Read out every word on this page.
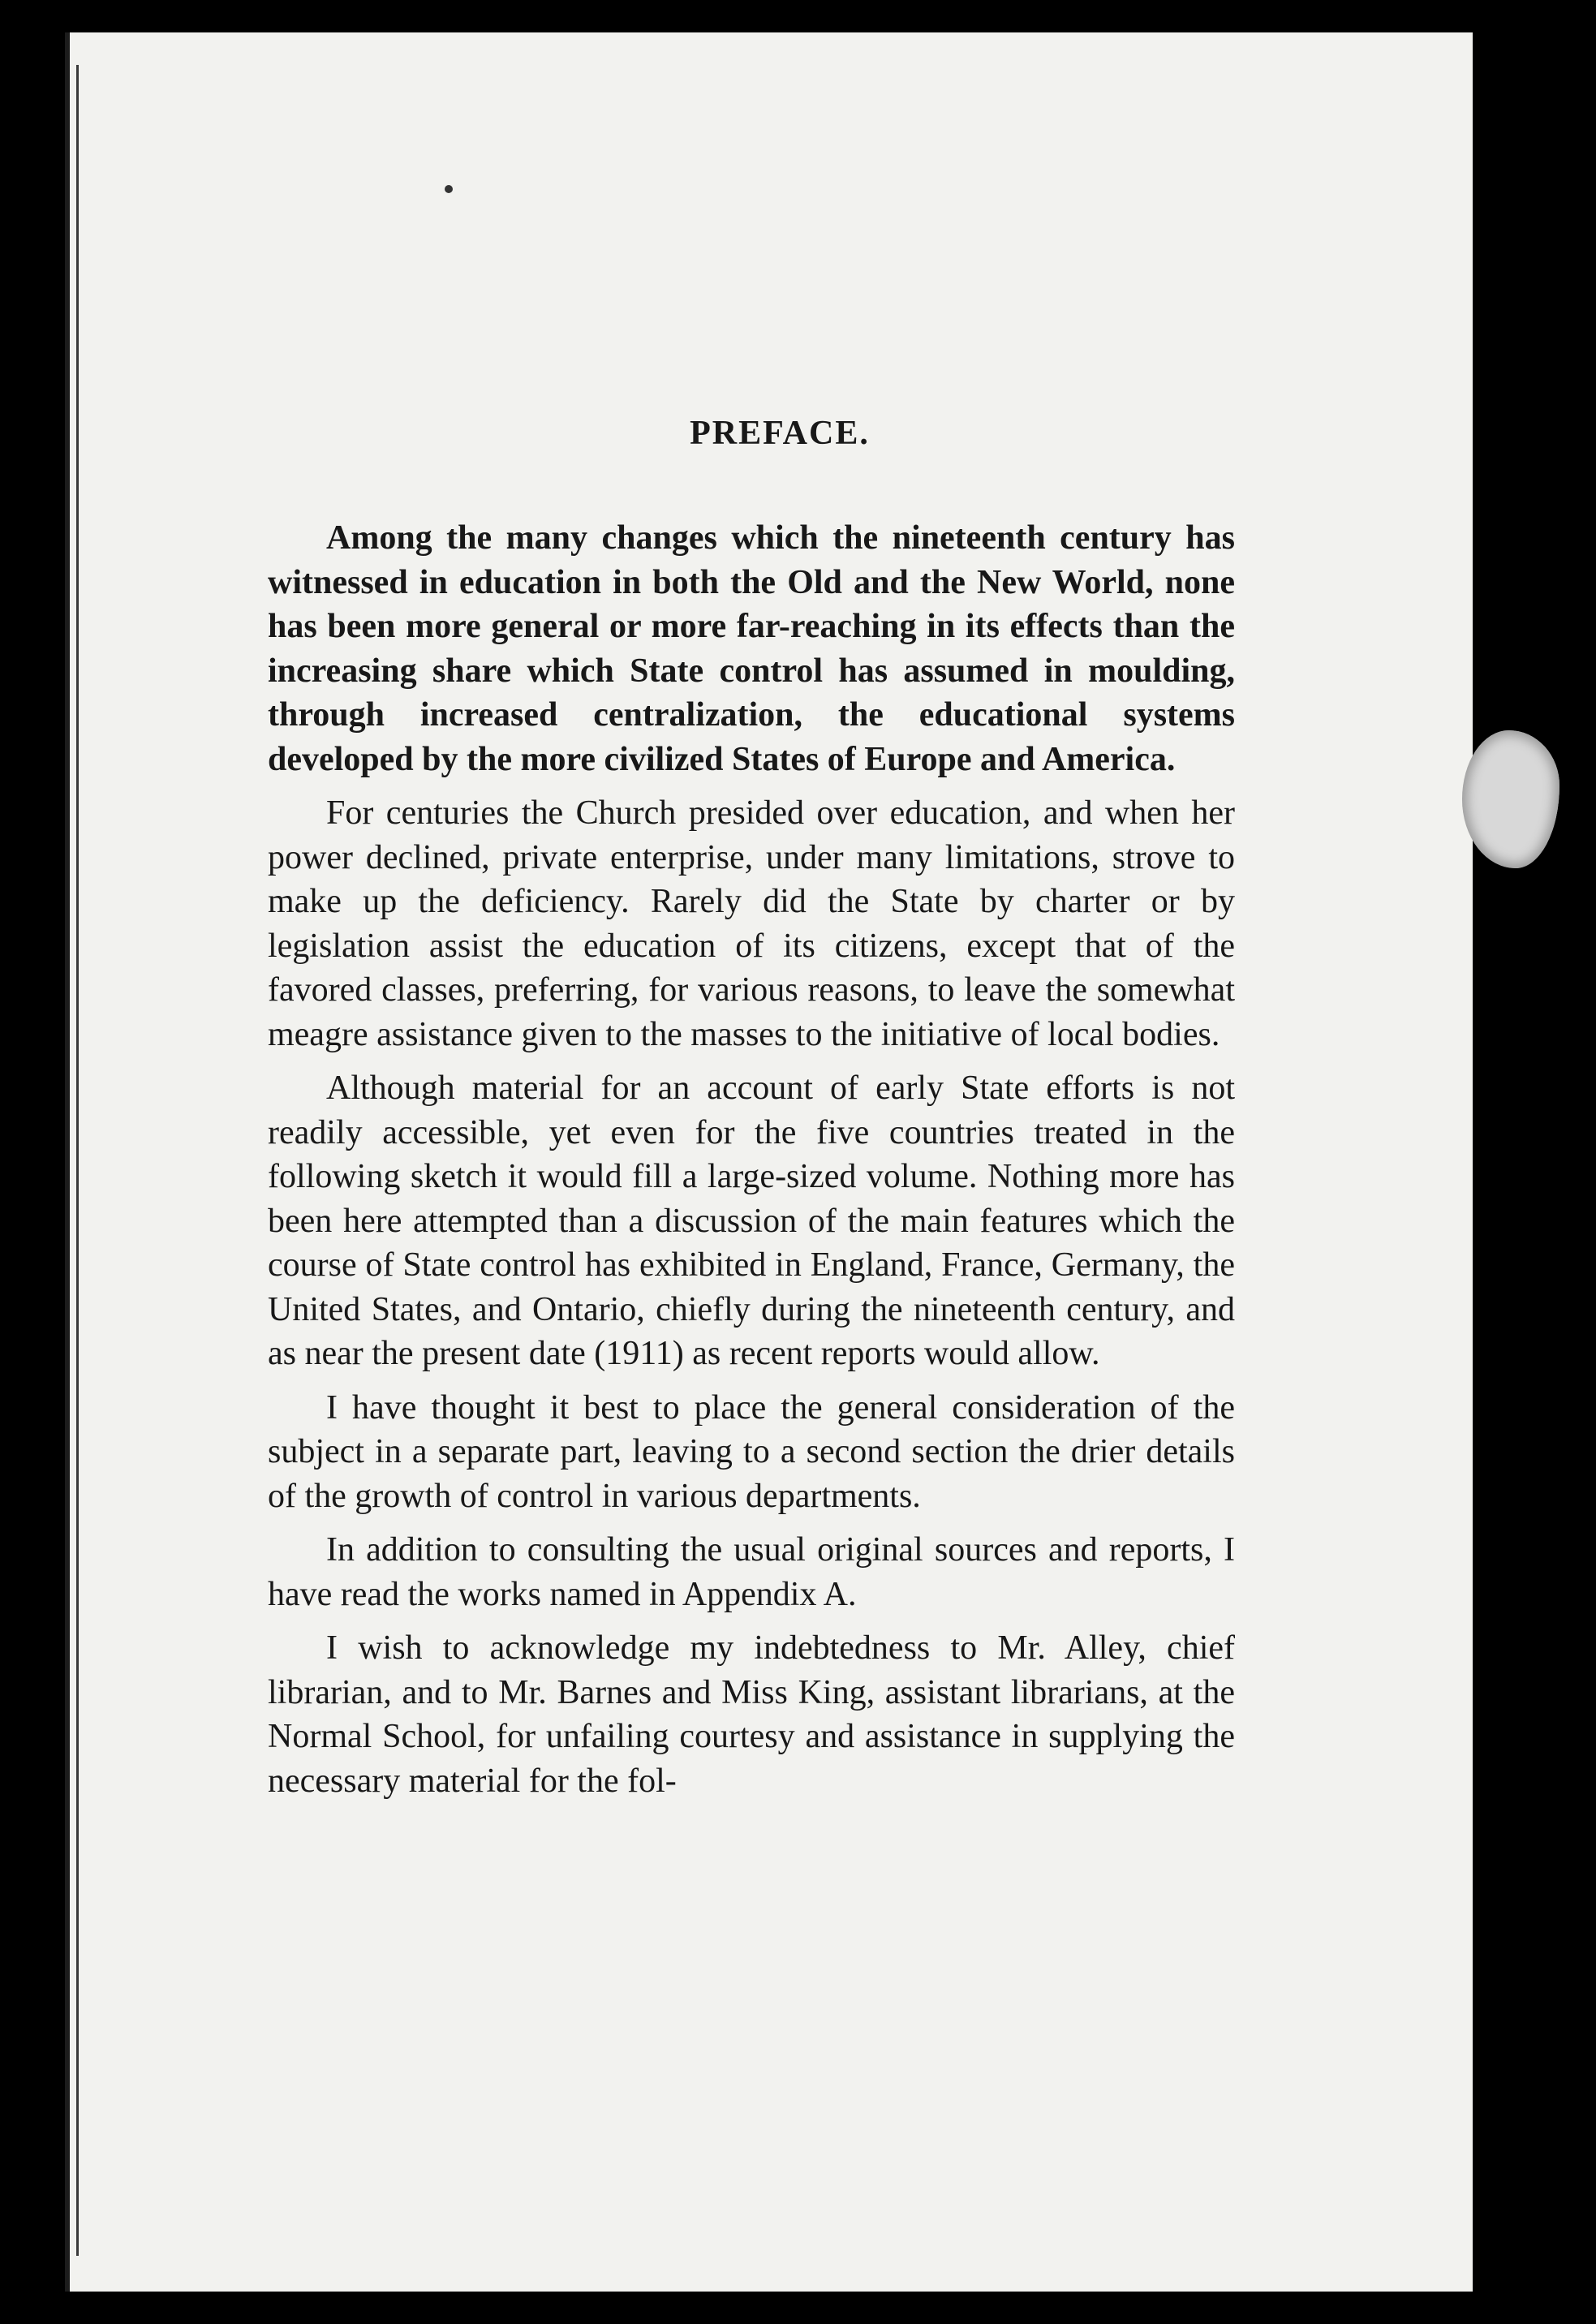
PREFACE.

Among the many changes which the nineteenth century has witnessed in education in both the Old and the New World, none has been more general or more far-reaching in its effects than the increasing share which State control has assumed in moulding, through increased centralization, the educational systems developed by the more civilized States of Europe and America.

For centuries the Church presided over education, and when her power declined, private enterprise, under many limitations, strove to make up the deficiency. Rarely did the State by charter or by legislation assist the education of its citizens, except that of the favored classes, preferring, for various reasons, to leave the somewhat meagre assistance given to the masses to the initiative of local bodies.

Although material for an account of early State efforts is not readily accessible, yet even for the five countries treated in the following sketch it would fill a large-sized volume. Nothing more has been here attempted than a discussion of the main features which the course of State control has exhibited in England, France, Germany, the United States, and Ontario, chiefly during the nineteenth century, and as near the present date (1911) as recent reports would allow.

I have thought it best to place the general consideration of the subject in a separate part, leaving to a second section the drier details of the growth of control in various departments.

In addition to consulting the usual original sources and reports, I have read the works named in Appendix A.

I wish to acknowledge my indebtedness to Mr. Alley, chief librarian, and to Mr. Barnes and Miss King, assistant librarians, at the Normal School, for unfailing courtesy and assistance in supplying the necessary material for the fol-
